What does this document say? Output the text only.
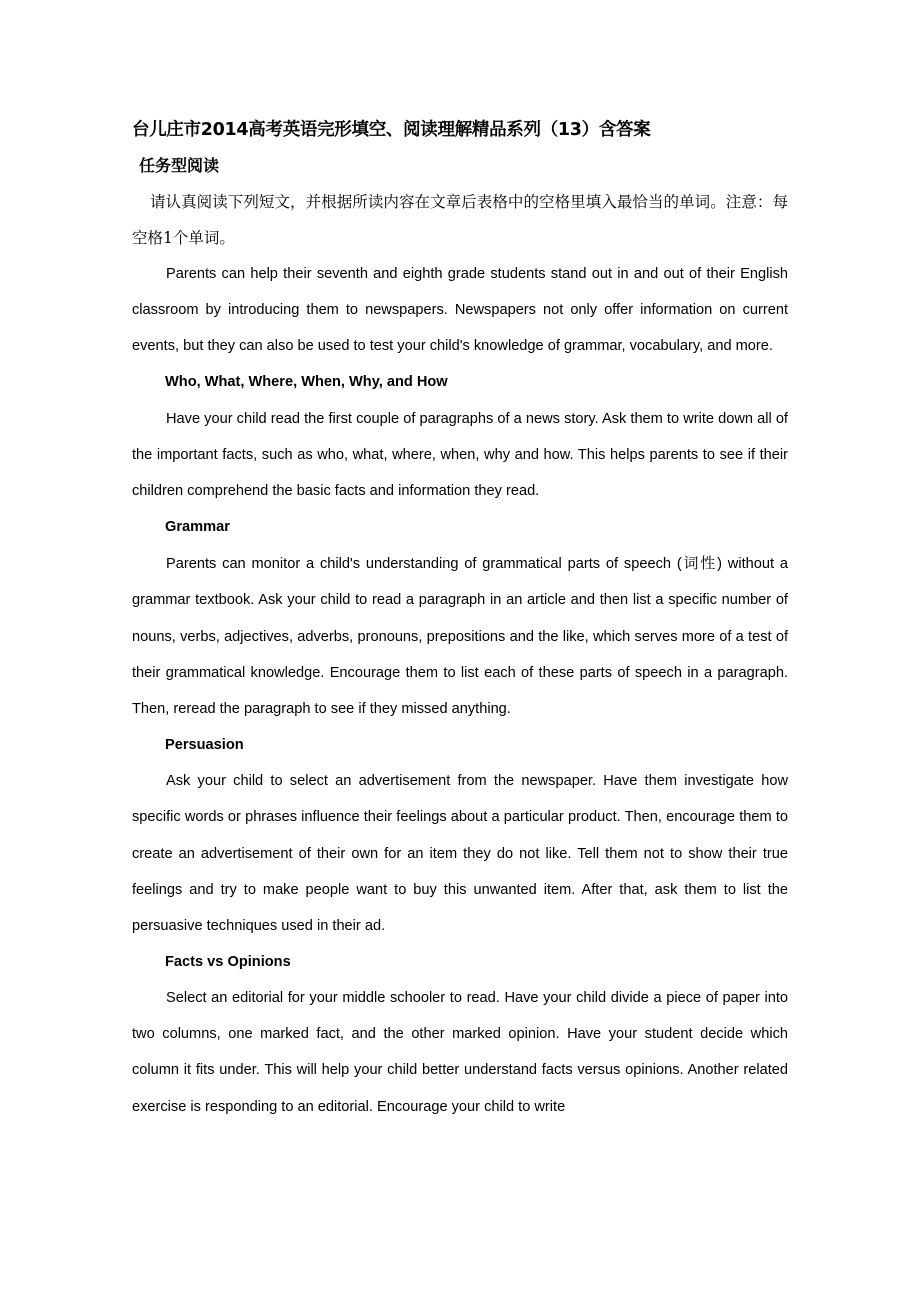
台儿庄市2014高考英语完形填空、阅读理解精品系列（13）含答案
任务型阅读

请认真阅读下列短文，并根据所读内容在文章后表格中的空格里填入最恰当的单词。注意：每空格1个单词。

Parents can help their seventh and eighth grade students stand out in and out of their English classroom by introducing them to newspapers. Newspapers not only offer information on current events, but they can also be used to test your child's knowledge of grammar, vocabulary, and more.

Who, What, Where, When, Why, and How

Have your child read the first couple of paragraphs of a news story. Ask them to write down all of the important facts, such as who, what, where, when, why and how. This helps parents to see if their children comprehend the basic facts and information they read.

Grammar

Parents can monitor a child's understanding of grammatical parts of speech (词性) without a grammar textbook. Ask your child to read a paragraph in an article and then list a specific number of nouns, verbs, adjectives, adverbs, pronouns, prepositions and the like, which serves more of a test of their grammatical knowledge. Encourage them to list each of these parts of speech in a paragraph. Then, reread the paragraph to see if they missed anything.

Persuasion

Ask your child to select an advertisement from the newspaper. Have them investigate how specific words or phrases influence their feelings about a particular product. Then, encourage them to create an advertisement of their own for an item they do not like. Tell them not to show their true feelings and try to make people want to buy this unwanted item. After that, ask them to list the persuasive techniques used in their ad.

Facts vs Opinions

Select an editorial for your middle schooler to read. Have your child divide a piece of paper into two columns, one marked fact, and the other marked opinion. Have your student decide which column it fits under. This will help your child better understand facts versus opinions. Another related exercise is responding to an editorial. Encourage your child to write
